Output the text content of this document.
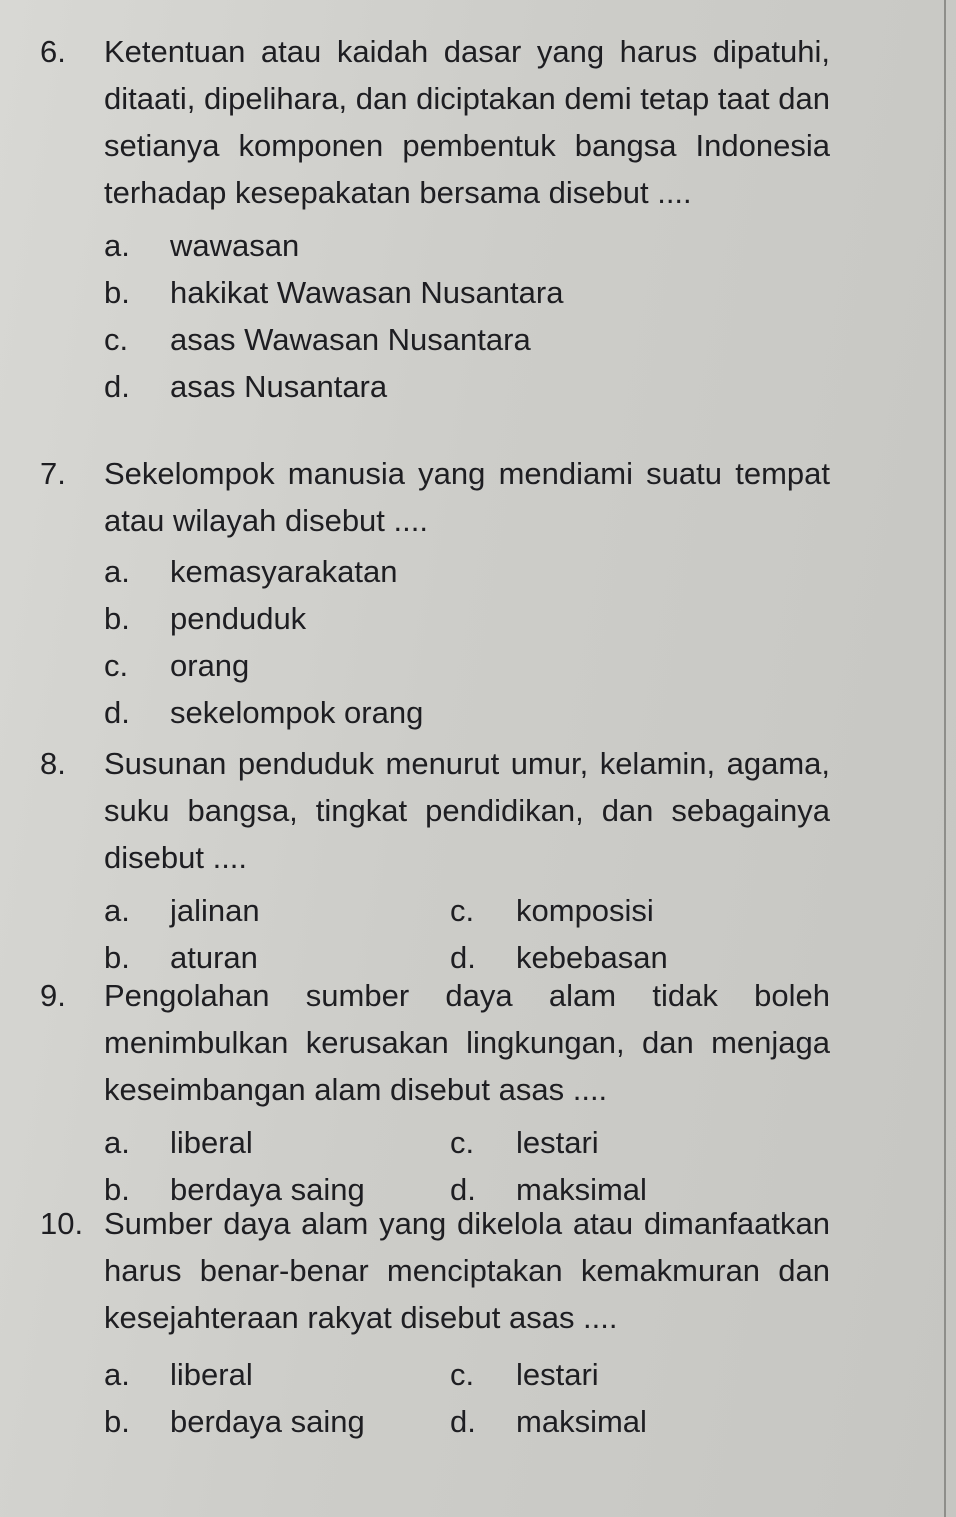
6.	Ketentuan atau kaidah dasar yang harus dipatuhi, ditaati, dipelihara, dan diciptakan demi tetap taat dan setianya komponen pembentuk bangsa Indonesia terhadap kesepakatan bersama disebut ....
a.	wawasan
b.	hakikat Wawasan Nusantara
c.	asas Wawasan Nusantara
d.	asas Nusantara
7.	Sekelompok manusia yang mendiami suatu tempat atau wilayah disebut ....
a.	kemasyarakatan
b.	penduduk
c.	orang
d.	sekelompok orang
8.	Susunan penduduk menurut umur, kelamin, agama, suku bangsa, tingkat pendidikan, dan sebagainya disebut ....
a.	jalinan	c.	komposisi
b.	aturan	d.	kebebasan
9.	Pengolahan sumber daya alam tidak boleh menimbulkan kerusakan lingkungan, dan menjaga keseimbangan alam disebut asas ....
a.	liberal	c.	lestari
b.	berdaya saing	d.	maksimal
10. Sumber daya alam yang dikelola atau dimanfaatkan harus benar-benar menciptakan kemakmuran dan kesejahteraan rakyat disebut asas ....
a.	liberal	c.	lestari
b.	berdaya saing	d.	maksimal
